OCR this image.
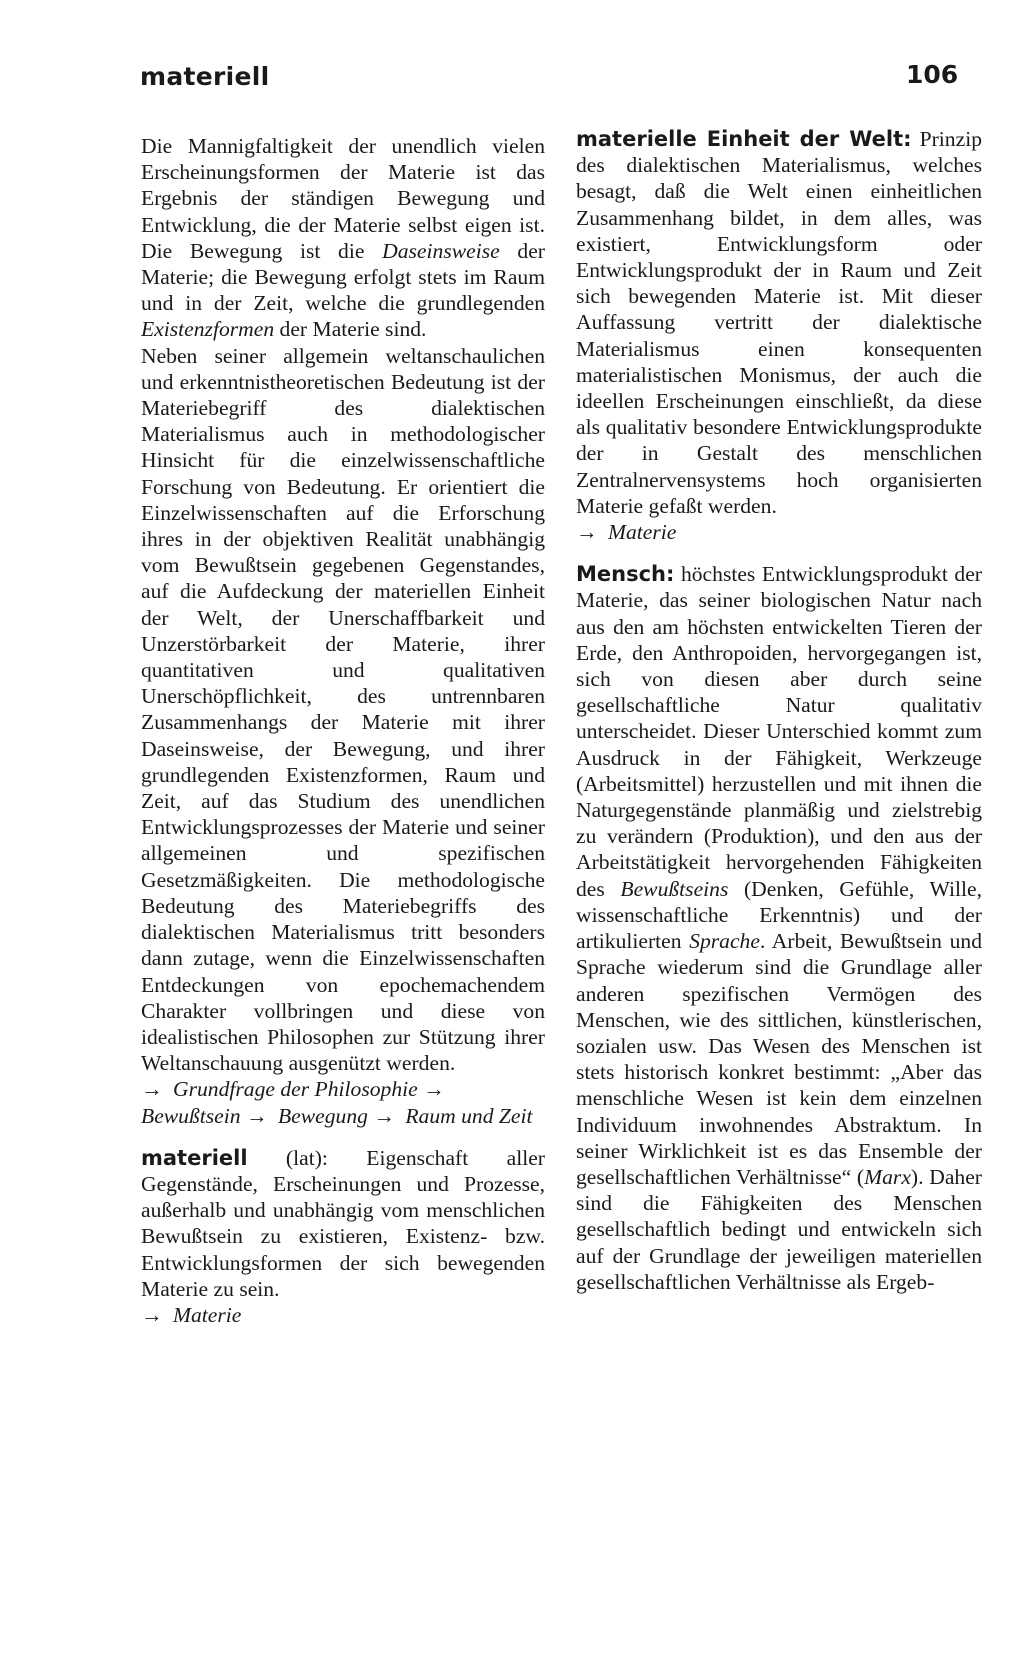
materiell	106

Die Mannigfaltigkeit der unendlich vielen Erscheinungsformen der Materie ist das Ergebnis der ständigen Bewegung und Entwicklung, die der Materie selbst eigen ist. Die Bewegung ist die Daseinsweise der Materie; die Bewegung erfolgt stets im Raum und in der Zeit, welche die grundlegenden Existenzformen der Materie sind.

Neben seiner allgemein weltanschaulichen und erkenntnistheoretischen Bedeutung ist der Materiebegriff des dialektischen Materialismus auch in methodologischer Hinsicht für die einzelwissenschaftliche Forschung von Bedeutung. Er orientiert die Einzelwissenschaften auf die Erforschung ihres in der objektiven Realität unabhängig vom Bewußtsein gegebenen Gegenstandes, auf die Aufdeckung der materiellen Einheit der Welt, der Unerschaffbarkeit und Unzerstörbarkeit der Materie, ihrer quantitativen und qualitativen Unerschöpflichkeit, des untrennbaren Zusammenhangs der Materie mit ihrer Daseinsweise, der Bewegung, und ihrer grundlegenden Existenzformen, Raum und Zeit, auf das Studium des unendlichen Entwicklungsprozesses der Materie und seiner allgemeinen und spezifischen Gesetzmäßigkeiten. Die methodologische Bedeutung des Materiebegriffs des dialektischen Materialismus tritt besonders dann zutage, wenn die Einzelwissenschaften Entdeckungen von epochemachendem Charakter vollbringen und diese von idealistischen Philosophen zur Stützung ihrer Weltanschauung ausgenützt werden.

→ Grundfrage der Philosophie →Bewußtsein → Bewegung → Raum und Zeit

materiell (lat): Eigenschaft aller Gegenstände, Erscheinungen und Prozesse, außerhalb und unabhängig vom menschlichen Bewußtsein zu existieren, Existenz- bzw. Entwicklungsformen der sich bewegenden Materie zu sein.

→ Materie

materielle Einheit der Welt: Prinzip des dialektischen Materialismus, welches besagt, daß die Welt einen einheitlichen Zusammenhang bildet, in dem alles, was existiert, Entwicklungsform oder Entwicklungsprodukt der in Raum und Zeit sich bewegenden Materie ist. Mit dieser Auffassung vertritt der dialektische Materialismus einen konsequenten materialistischen Monismus, der auch die ideellen Erscheinungen einschließt, da diese als qualitativ besondere Entwicklungsprodukte der in Gestalt des menschlichen Zentralnervensystems hoch organisierten Materie gefaßt werden.

→ Materie

Mensch: höchstes Entwicklungsprodukt der Materie, das seiner biologischen Natur nach aus den am höchsten entwickelten Tieren der Erde, den Anthropoiden, hervorgegangen ist, sich von diesen aber durch seine gesellschaftliche Natur qualitativ unterscheidet. Dieser Unterschied kommt zum Ausdruck in der Fähigkeit, Werkzeuge (Arbeitsmittel) herzustellen und mit ihnen die Naturgegenstände planmäßig und zielstrebig zu verändern (Produktion), und den aus der Arbeitstätigkeit hervorgehenden Fähigkeiten des Bewußtseins (Denken, Gefühle, Wille, wissenschaftliche Erkenntnis) und der artikulierten Sprache. Arbeit, Bewußtsein und Sprache wiederum sind die Grundlage aller anderen spezifischen Vermögen des Menschen, wie des sittlichen, künstlerischen, sozialen usw. Das Wesen des Menschen ist stets historisch konkret bestimmt: „Aber das menschliche Wesen ist kein dem einzelnen Individuum inwohnendes Abstraktum. In seiner Wirklichkeit ist es das Ensemble der gesellschaftlichen Verhältnisse“ (Marx). Daher sind die Fähigkeiten des Menschen gesellschaftlich bedingt und entwickeln sich auf der Grundlage der jeweiligen materiellen gesellschaftlichen Verhältnisse als Ergeb-
